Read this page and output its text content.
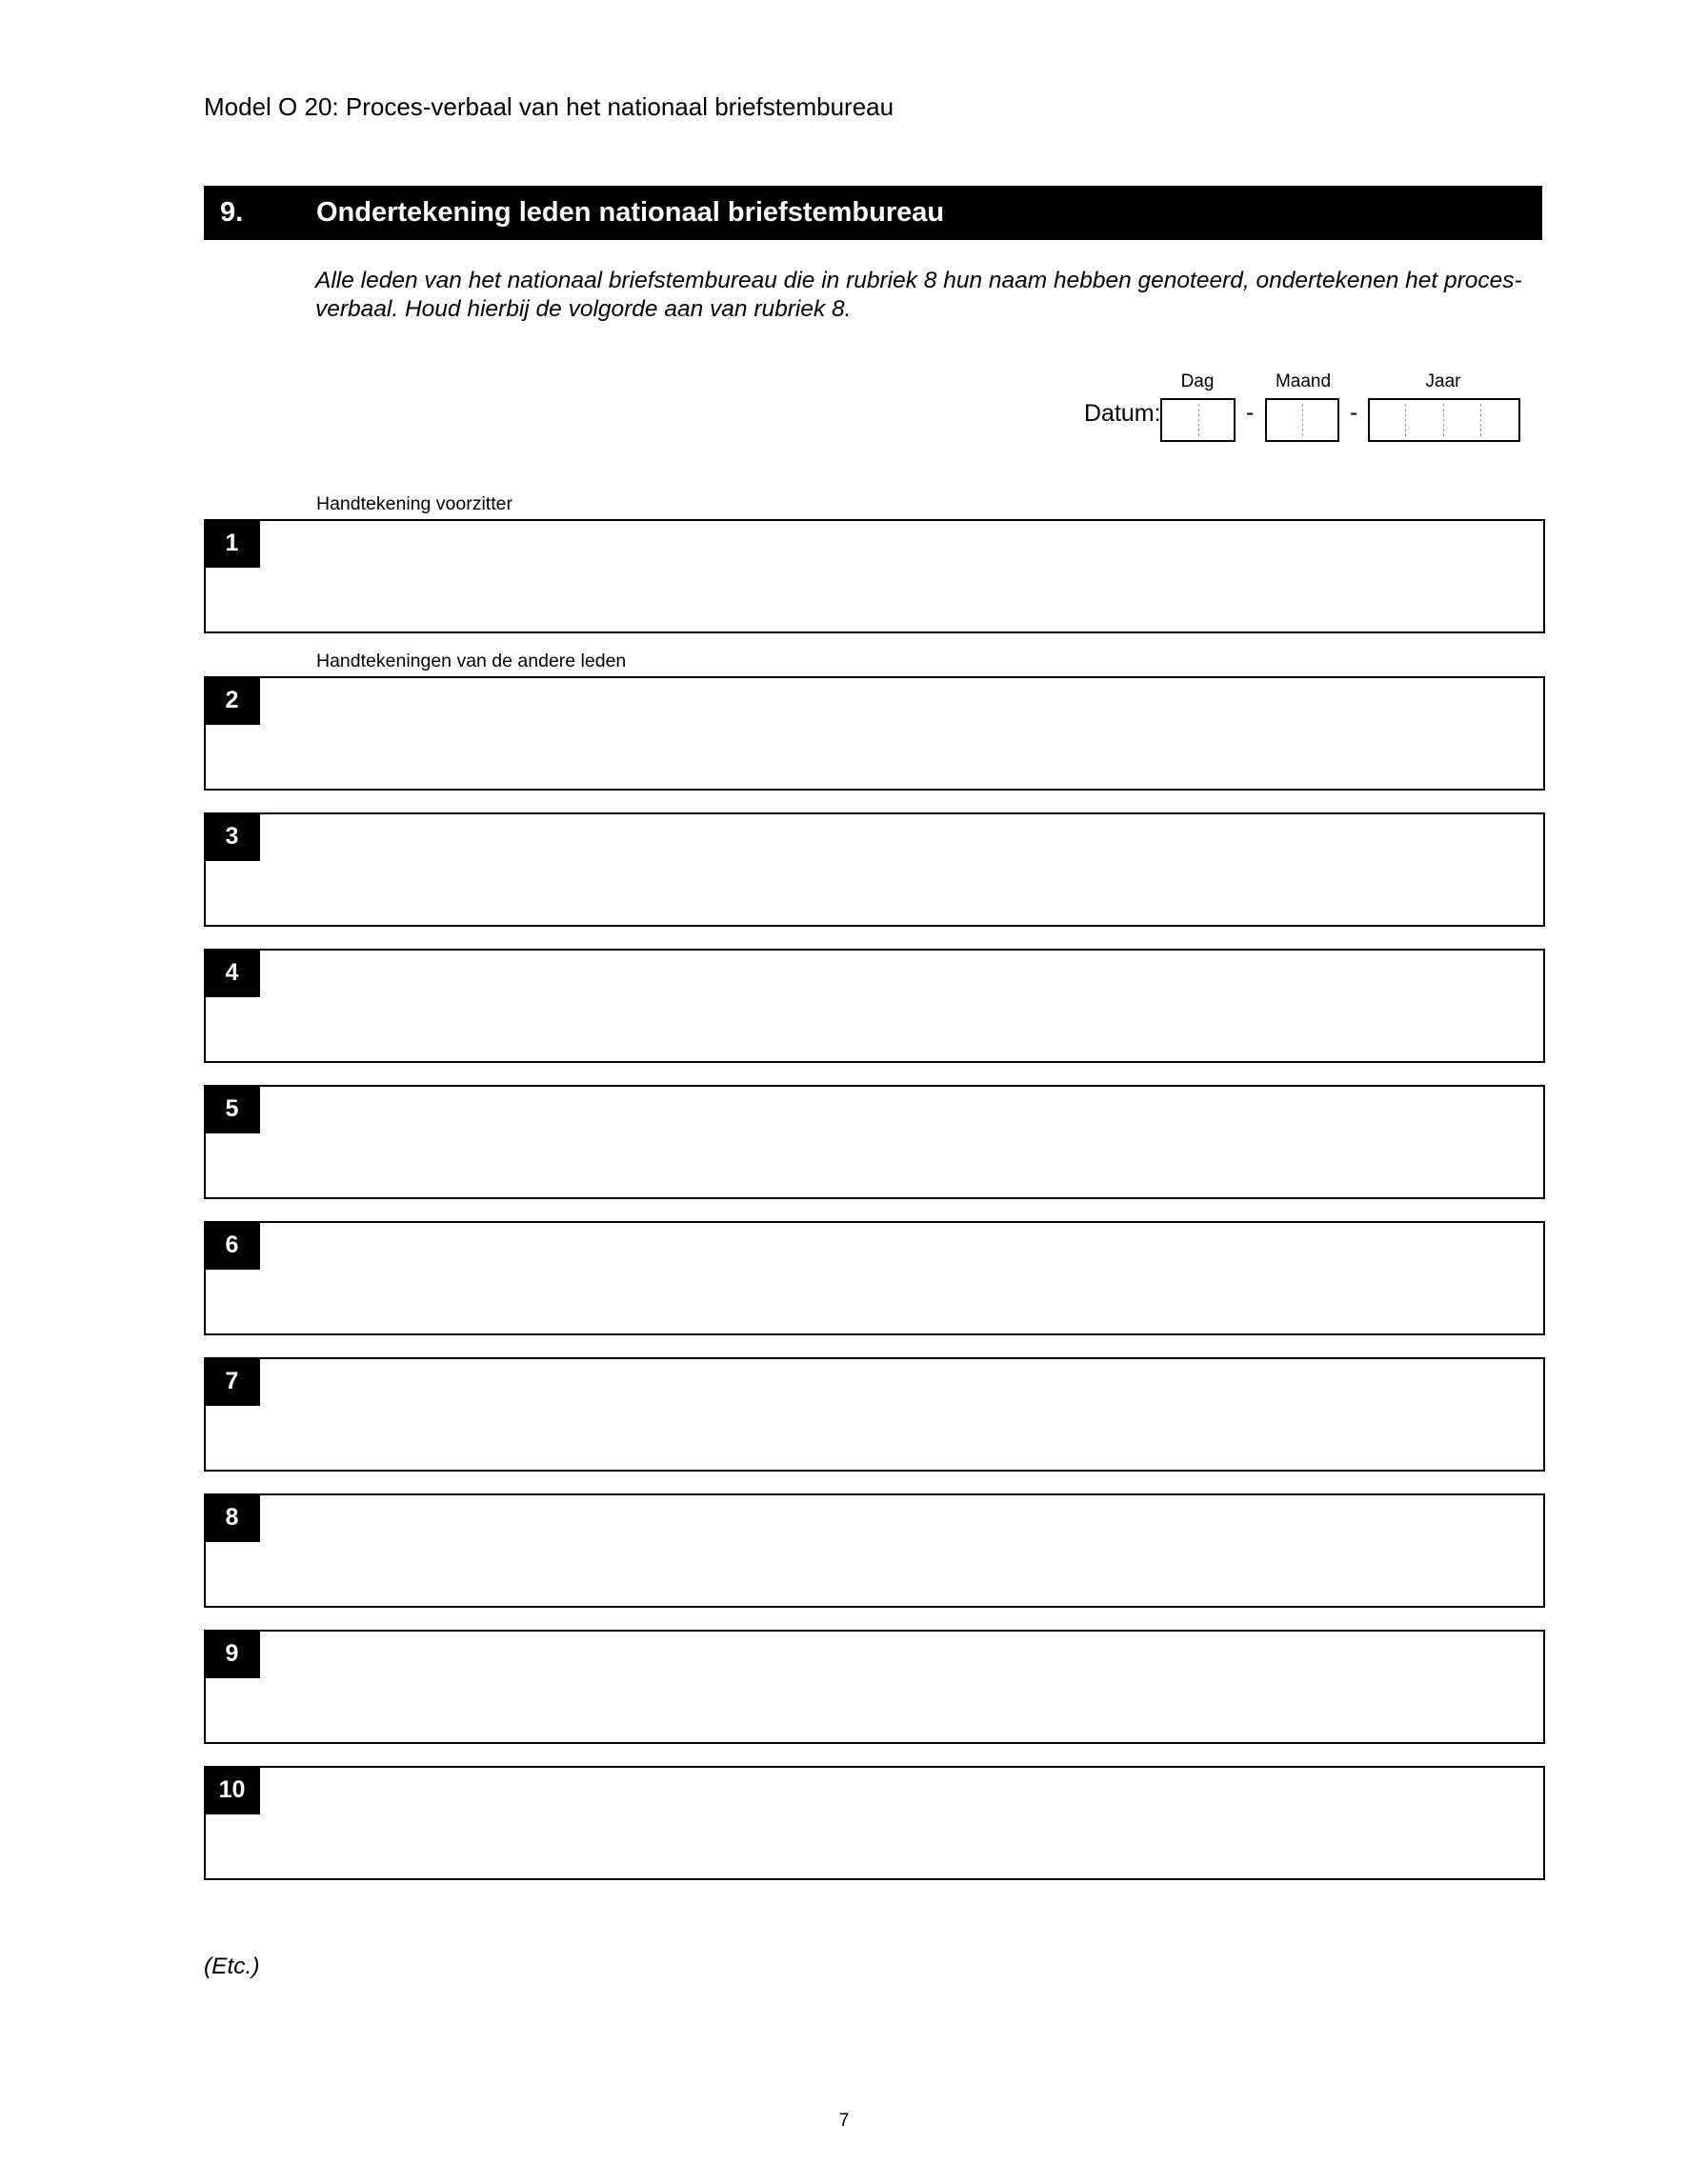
Model O 20: Proces-verbaal van het nationaal briefstembureau
9.	Ondertekening leden nationaal briefstembureau
Alle leden van het nationaal briefstembureau die in rubriek 8 hun naam hebben genoteerd, ondertekenen het proces-
verbaal. Houd hierbij de volgorde aan van rubriek 8.
Dag	Maand	Jaar
Datum:	-	-
Handtekening voorzitter
1
Handtekeningen van de andere leden
2
3
4
5
6
7
8
9
10
(Etc.)
7
